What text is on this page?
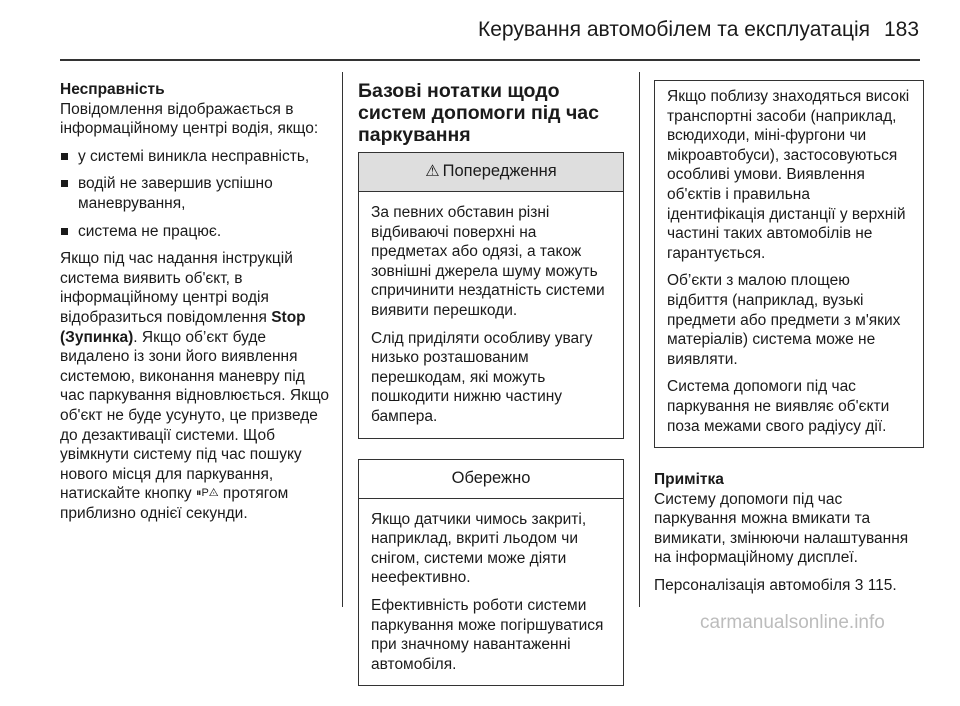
Керування автомобілем та експлуатація 183
Несправність

Повідомлення відображається в інформаційному центрі водія, якщо:

у системі виникла несправність,
водій не завершив успішно маневрування,
система не працює.

Якщо під час надання інструкцій система виявить об'єкт, в інформаційному центрі водія відобразиться повідомлення Stop (Зупинка). Якщо об’єкт буде видалено із зони його виявлення системою, виконання маневру під час паркування відновлюється. Якщо об'єкт не буде усунуто, це призведе до дезактивації системи. Щоб увімкнути систему під час пошуку нового місця для паркування, натискайте кнопку ⏸P◬ протягом приблизно однієї секунди.

Базові нотатки щодо систем допомоги під час паркування
⚠ Попередження

За певних обставин різні відбиваючі поверхні на предметах або одязі, а також зовнішні джерела шуму можуть спричинити нездатність системи виявити перешкоди.

Слід приділяти особливу увагу низько розташованим перешкодам, які можуть пошкодити нижню частину бампера.

Обережно

Якщо датчики чимось закриті, наприклад, вкриті льодом чи снігом, системи може діяти неефективно.

Ефективність роботи системи паркування може погіршуватися при значному навантаженні автомобіля.

Якщо поблизу знаходяться високі транспортні засоби (наприклад, всюдиходи, міні-фургони чи мікроавтобуси), застосовуються особливі умови. Виявлення об'єктів і правильна ідентифікація дистанції у верхній частині таких автомобілів не гарантується.

Об’єкти з малою площею відбиття (наприклад, вузькі предмети або предмети з м'яких матеріалів) система може не виявляти.

Система допомоги під час паркування не виявляє об'єкти поза межами свого радіусу дії.

Примітка

Систему допомоги під час паркування можна вмикати та вимикати, змінюючи налаштування на інформаційному дисплеї.

Персоналізація автомобіля 3 115.

carmanualsonline.info
